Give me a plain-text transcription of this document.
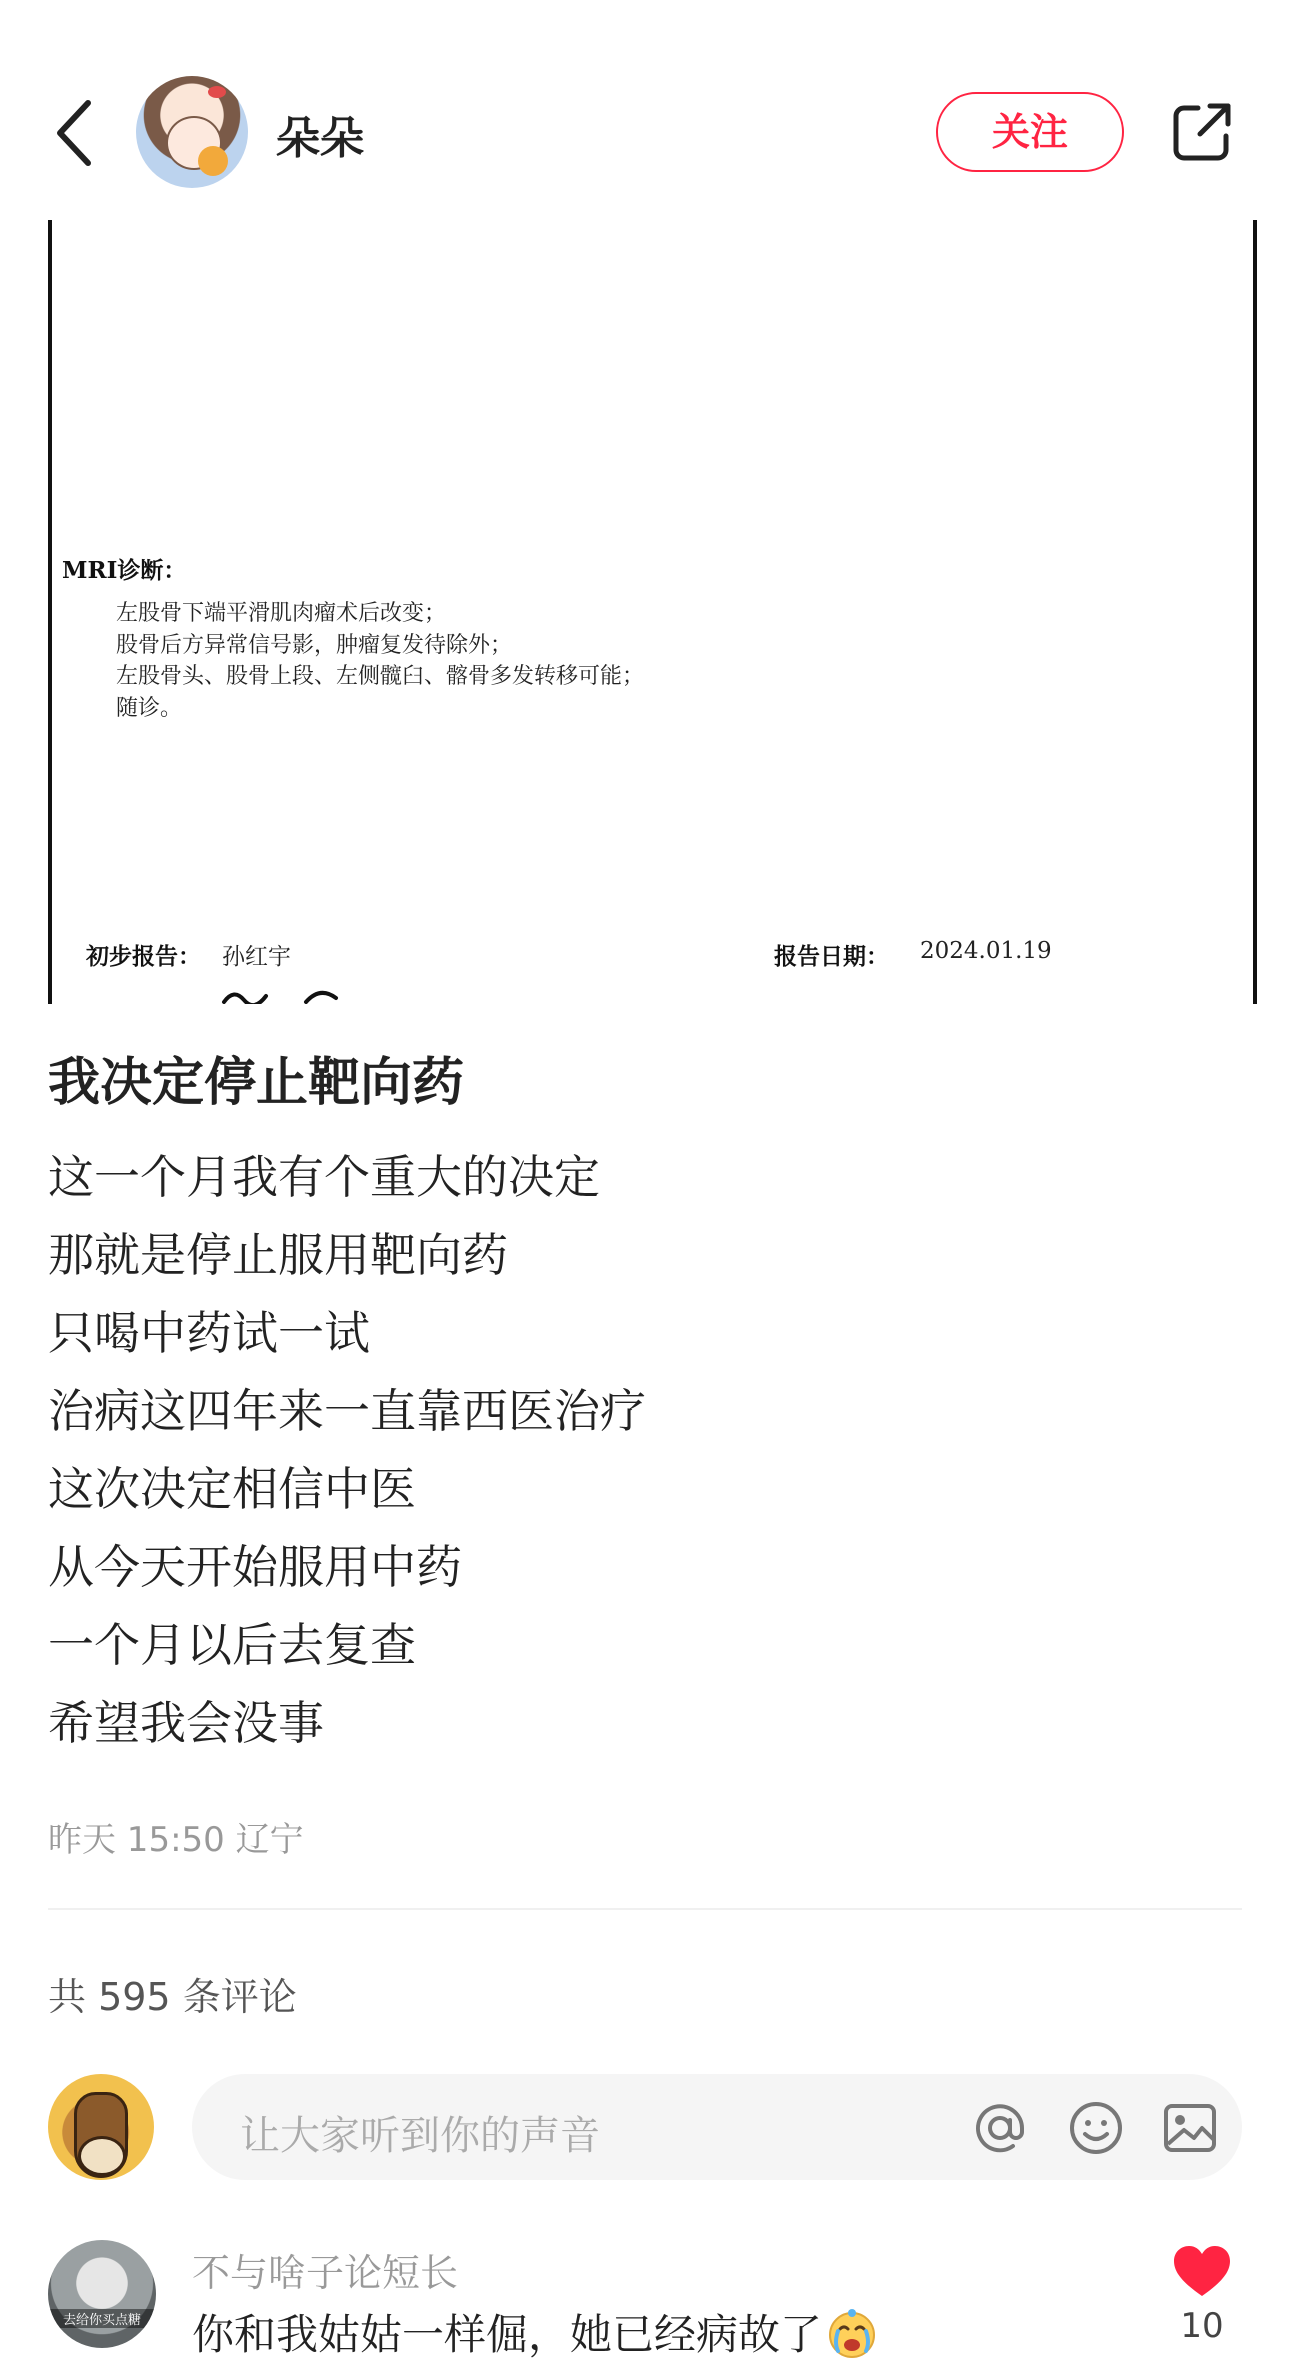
朵朵	关注
MRI诊断：
左股骨下端平滑肌肉瘤术后改变；
股骨后方异常信号影，肿瘤复发待除外；
左股骨头、股骨上段、左侧髋臼、髂骨多发转移可能；
随诊。
初步报告： 孙红宇	报告日期： 2024.01.19
我决定停止靶向药
这一个月我有个重大的决定
那就是停止服用靶向药
只喝中药试一试
治病这四年来一直靠西医治疗
这次决定相信中医
从今天开始服用中药
一个月以后去复查
希望我会没事
昨天 15:50 辽宁
共 595 条评论
让大家听到你的声音
去给你买点糖
不与啥子论短长
你和我姑姑一样倔，她已经病故了	10
